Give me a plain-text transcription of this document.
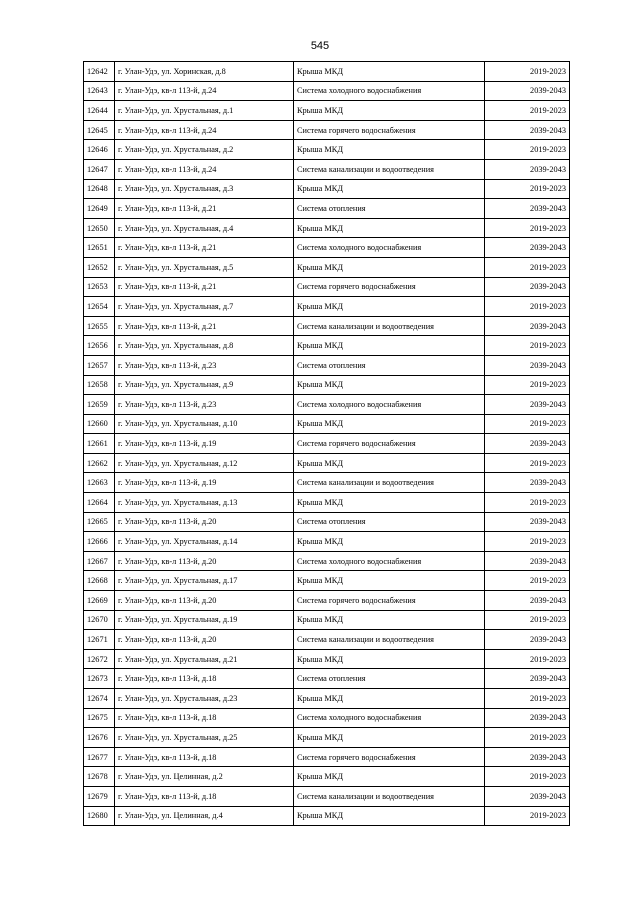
545
12642	г. Улан-Удэ, ул. Хоринская, д.8	Крыша МКД	2019-2023
12643	г. Улан-Удэ, кв-л 113-й, д.24	Система холодного водоснабжения	2039-2043
12644	г. Улан-Удэ, ул. Хрустальная, д.1	Крыша МКД	2019-2023
12645	г. Улан-Удэ, кв-л 113-й, д.24	Система горячего водоснабжения	2039-2043
12646	г. Улан-Удэ, ул. Хрустальная, д.2	Крыша МКД	2019-2023
12647	г. Улан-Удэ, кв-л 113-й, д.24	Система канализации и водоотведения	2039-2043
12648	г. Улан-Удэ, ул. Хрустальная, д.3	Крыша МКД	2019-2023
12649	г. Улан-Удэ, кв-л 113-й, д.21	Система отопления	2039-2043
12650	г. Улан-Удэ, ул. Хрустальная, д.4	Крыша МКД	2019-2023
12651	г. Улан-Удэ, кв-л 113-й, д.21	Система холодного водоснабжения	2039-2043
12652	г. Улан-Удэ, ул. Хрустальная, д.5	Крыша МКД	2019-2023
12653	г. Улан-Удэ, кв-л 113-й, д.21	Система горячего водоснабжения	2039-2043
12654	г. Улан-Удэ, ул. Хрустальная, д.7	Крыша МКД	2019-2023
12655	г. Улан-Удэ, кв-л 113-й, д.21	Система канализации и водоотведения	2039-2043
12656	г. Улан-Удэ, ул. Хрустальная, д.8	Крыша МКД	2019-2023
12657	г. Улан-Удэ, кв-л 113-й, д.23	Система отопления	2039-2043
12658	г. Улан-Удэ, ул. Хрустальная, д.9	Крыша МКД	2019-2023
12659	г. Улан-Удэ, кв-л 113-й, д.23	Система холодного водоснабжения	2039-2043
12660	г. Улан-Удэ, ул. Хрустальная, д.10	Крыша МКД	2019-2023
12661	г. Улан-Удэ, кв-л 113-й, д.19	Система горячего водоснабжения	2039-2043
12662	г. Улан-Удэ, ул. Хрустальная, д.12	Крыша МКД	2019-2023
12663	г. Улан-Удэ, кв-л 113-й, д.19	Система канализации и водоотведения	2039-2043
12664	г. Улан-Удэ, ул. Хрустальная, д.13	Крыша МКД	2019-2023
12665	г. Улан-Удэ, кв-л 113-й, д.20	Система отопления	2039-2043
12666	г. Улан-Удэ, ул. Хрустальная, д.14	Крыша МКД	2019-2023
12667	г. Улан-Удэ, кв-л 113-й, д.20	Система холодного водоснабжения	2039-2043
12668	г. Улан-Удэ, ул. Хрустальная, д.17	Крыша МКД	2019-2023
12669	г. Улан-Удэ, кв-л 113-й, д.20	Система горячего водоснабжения	2039-2043
12670	г. Улан-Удэ, ул. Хрустальная, д.19	Крыша МКД	2019-2023
12671	г. Улан-Удэ, кв-л 113-й, д.20	Система канализации и водоотведения	2039-2043
12672	г. Улан-Удэ, ул. Хрустальная, д.21	Крыша МКД	2019-2023
12673	г. Улан-Удэ, кв-л 113-й, д.18	Система отопления	2039-2043
12674	г. Улан-Удэ, ул. Хрустальная, д.23	Крыша МКД	2019-2023
12675	г. Улан-Удэ, кв-л 113-й, д.18	Система холодного водоснабжения	2039-2043
12676	г. Улан-Удэ, ул. Хрустальная, д.25	Крыша МКД	2019-2023
12677	г. Улан-Удэ, кв-л 113-й, д.18	Система горячего водоснабжения	2039-2043
12678	г. Улан-Удэ, ул. Целинная, д.2	Крыша МКД	2019-2023
12679	г. Улан-Удэ, кв-л 113-й, д.18	Система канализации и водоотведения	2039-2043
12680	г. Улан-Удэ, ул. Целинная, д.4	Крыша МКД	2019-2023
